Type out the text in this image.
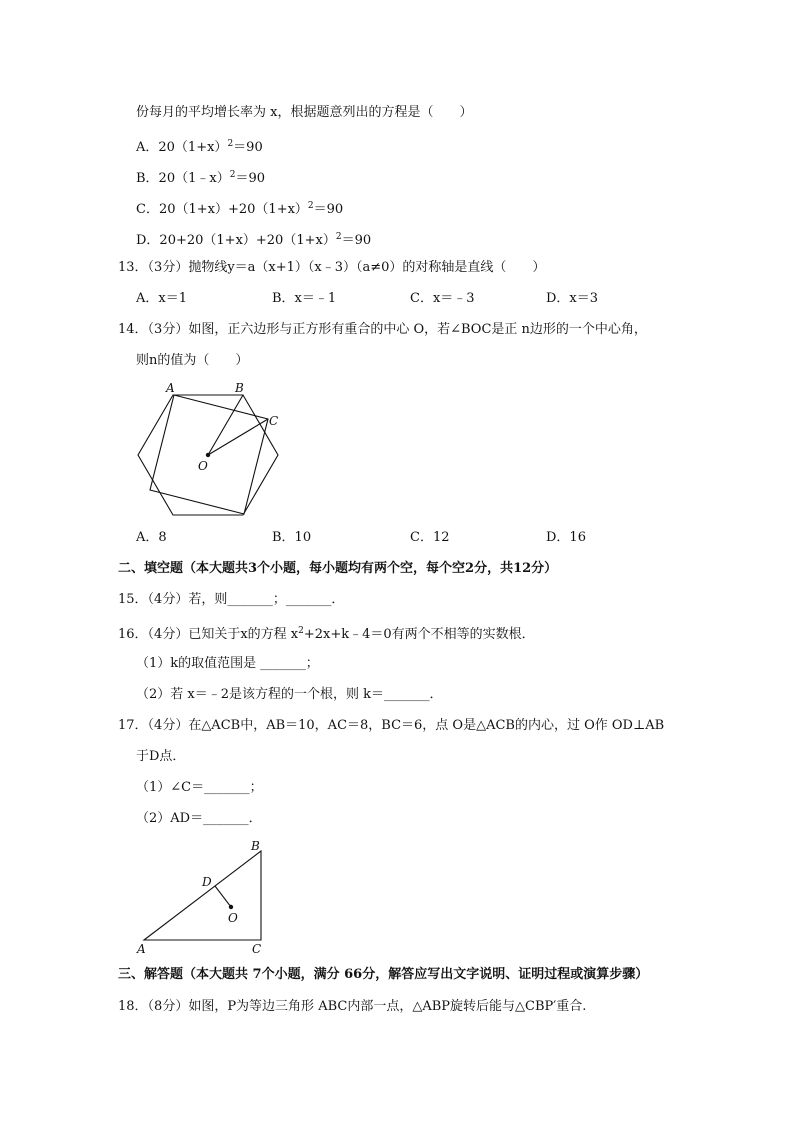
份每月的平均增长率为 x，根据题意列出的方程是（　　）
A．$20(1+x)^2=90$
B．20（1﹣x）$^2$＝90
C．$20(1+x)+20(1+x)^2=90$
D．$20+20(1+x)+20(1+x)^2=90$
13．（3分）抛物线y＝a（x+1）（x﹣3）（a≠0）的对称轴是直线（　　）
A．x＝1	B．x＝﹣1	C．x＝﹣3	D．x＝3
14．（3分）如图，正六边形与正方形有重合的中心 O，若∠BOC是正 n边形的一个中心角，
则n的值为（　　）
A	B
C
O
A．8	B．10	C．12	D．16
二、填空题（本大题共3个小题，每小题均有两个空，每个空2分，共12分）
15．（4分）若，则_______；_______．
16．（4分）已知关于x的方程 $x^2+2x+k﹣4=0$有两个不相等的实数根．
（1）k的取值范围是 _______；
（2）若 x＝﹣2是该方程的一个根，则 k＝_______．
17．（4分）在△ACB中，AB＝10，AC＝8，BC＝6，点 O是△ACB的内心，过 O作 OD⊥AB
于D点．
（1）∠C＝_______；
（2）AD＝_______．
A
B
C
D
O
三、解答题（本大题共 7个小题，满分 66分，解答应写出文字说明、证明过程或演算步骤）
18．（8分）如图，P为等边三角形 ABC内部一点，△ABP旋转后能与△CBP′重合.
